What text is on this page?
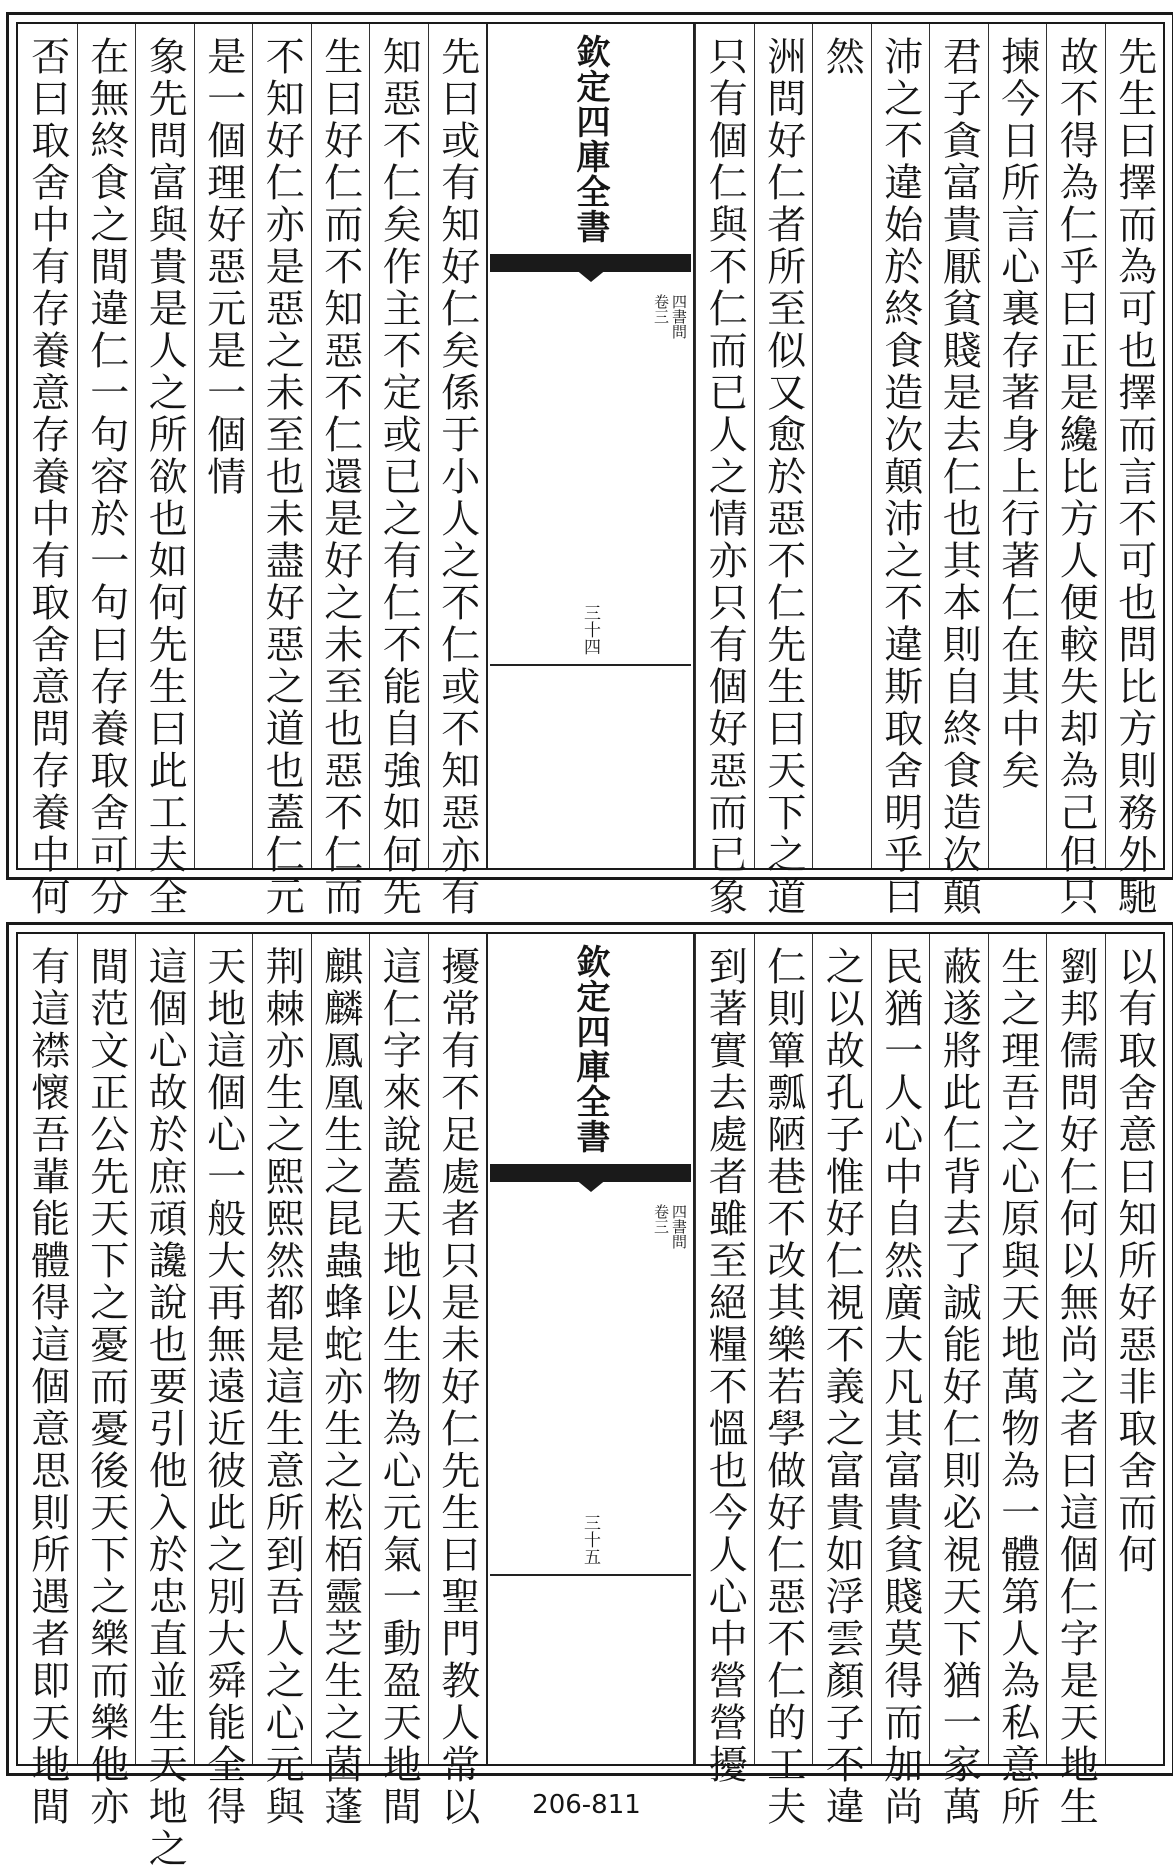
先生曰擇而為可也擇而言不可也問比方則務外馳
故不得為仁乎曰正是纔比方人便較失却為己但只
揀今日所言心裏存著身上行著仁在其中矣
君子貪富貴厭貧賤是去仁也其本則自終食造次顛
沛之不違始於終食造次顛沛之不違斯取舍明乎曰
然
洲問好仁者所至似又愈於惡不仁先生曰天下之道
只有個仁與不仁而已人之情亦只有個好惡而已象
欽定四庫全書
四書問
卷三
三十四
先曰或有知好仁矣係于小人之不仁或不知惡亦有
知惡不仁矣作主不定或已之有仁不能自強如何先
生曰好仁而不知惡不仁還是好之未至也惡不仁而
不知好仁亦是惡之未至也未盡好惡之道也蓋仁元
是一個理好惡元是一個情
象先問富與貴是人之所欲也如何先生曰此工夫全
在無終食之間違仁一句容於一句曰存養取舍可分
否曰取舍中有存養意存養中有取舍意問存養中何
以有取舍意曰知所好惡非取舍而何
劉邦儒問好仁何以無尚之者曰這個仁字是天地生
生之理吾之心原與天地萬物為一體第人為私意所
蔽遂將此仁背去了誠能好仁則必視天下猶一家萬
民猶一人心中自然廣大凡其富貴貧賤莫得而加尚
之以故孔子惟好仁視不義之富貴如浮雲顏子不違
仁則簞瓢陋巷不改其樂若學做好仁惡不仁的工夫
到著實去處者雖至絕糧不慍也今人心中營營擾
欽定四庫全書
四書問
卷三
三十五
擾常有不足處者只是未好仁先生曰聖門教人常以
這仁字來說蓋天地以生物為心元氣一動盈天地間
麒麟鳳凰生之昆蟲蜂蛇亦生之松栢靈芝生之菌蓬
荆棘亦生之熙熙然都是這生意所到吾人之心元與
天地這個心一般大再無遠近彼此之別大舜能全得
這個心故於庶頑讒說也要引他入於忠直並生天地之
間范文正公先天下之憂而憂後天下之樂而樂他亦
有這襟懷吾輩能體得這個意思則所遇者即天地間	206-811
